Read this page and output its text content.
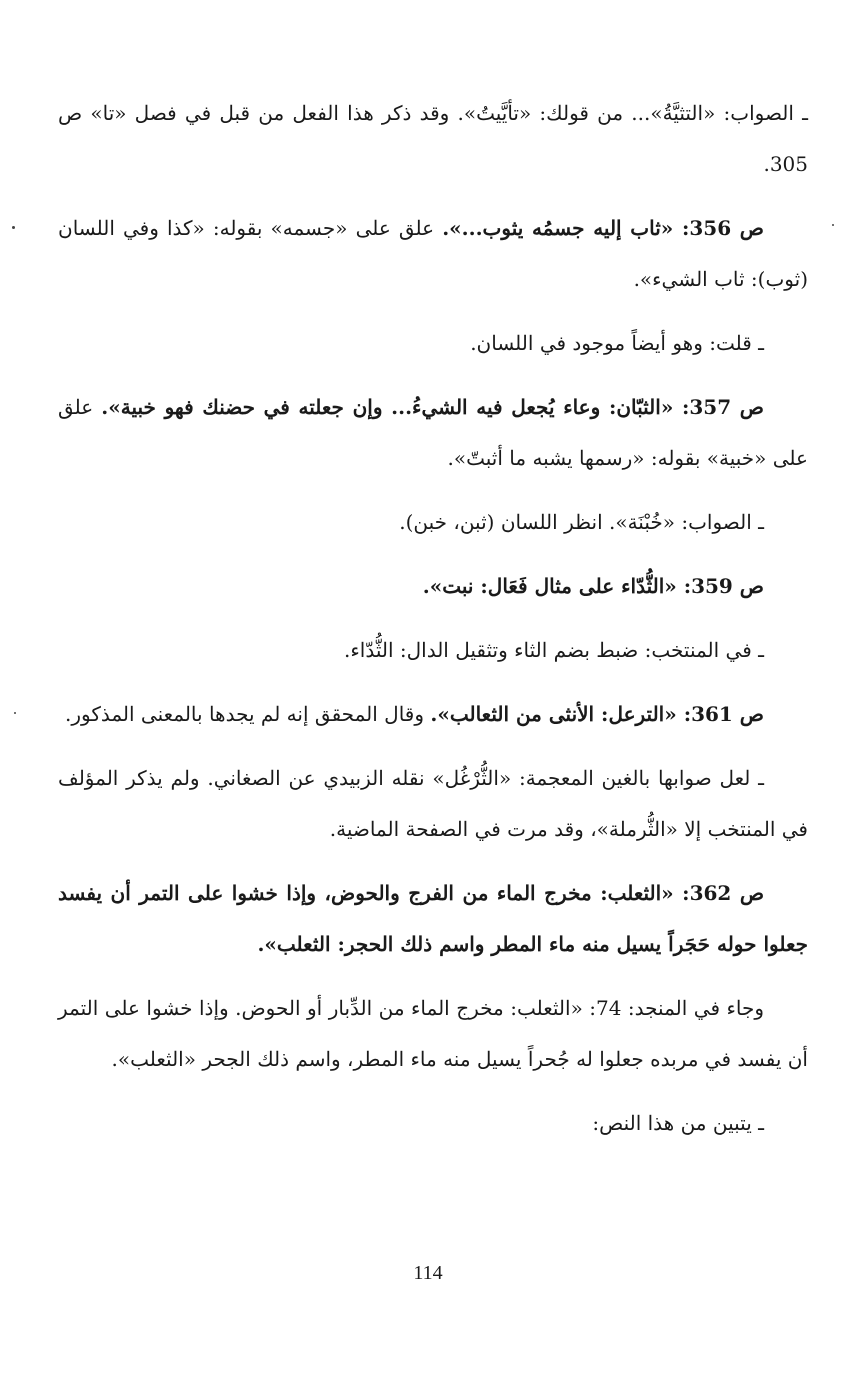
ـ الصواب: «التثيَّةُ»... من قولك: «تأيَّيتُ». وقد ذكر هذا الفعل من قبل في فصل «تا» ص 305.

ص 356: «ثاب إليه جسمُه يثوب...». علق على «جسمه» بقوله: «كذا وفي اللسان (ثوب): ثاب الشيء».

ـ قلت: وهو أيضاً موجود في اللسان.

ص 357: «الثبّان: وعاء يُجعل فيه الشيءُ... وإن جعلته في حضنك فهو خبية». علق على «خبية» بقوله: «رسمها يشبه ما أثبتّ».

ـ الصواب: «خُبْنَة». انظر اللسان (ثبن، خبن).

ص 359: «الثُّدّاء على مثال فَعَال: نبت».

ـ في المنتخب: ضبط بضم الثاء وتثقيل الدال: الثُّدّاء.

ص 361: «الترعل: الأنثى من الثعالب». وقال المحقق إنه لم يجدها بالمعنى المذكور.

ـ لعل صوابها بالغين المعجمة: «الثُّرْغُل» نقله الزبيدي عن الصغاني. ولم يذكر المؤلف في المنتخب إلا «الثُّرملة»، وقد مرت في الصفحة الماضية.

ص 362: «الثعلب: مخرج الماء من الفرج والحوض، وإذا خشوا على التمر أن يفسد جعلوا حوله حَجَراً يسيل منه ماء المطر واسم ذلك الحجر: الثعلب».

وجاء في المنجد: 74: «الثعلب: مخرج الماء من الدِّبار أو الحوض. وإذا خشوا على التمر أن يفسد في مربده جعلوا له جُحراً يسيل منه ماء المطر، واسم ذلك الجحر «الثعلب».

ـ يتبين من هذا النص:

114
